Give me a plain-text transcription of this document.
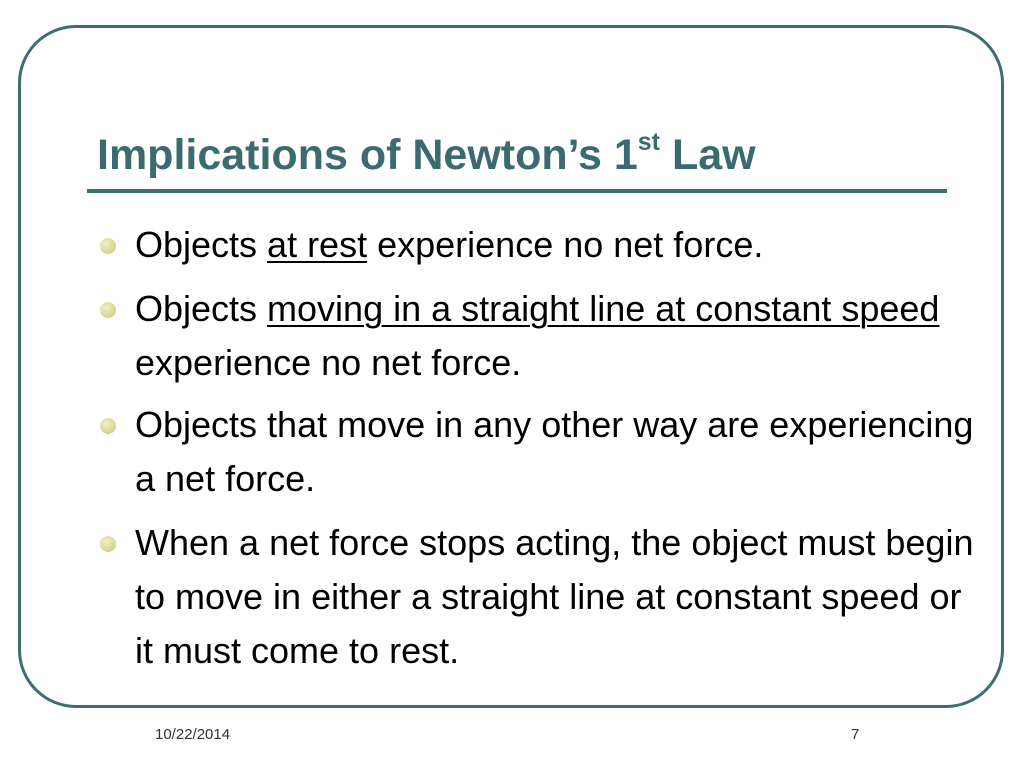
Implications of Newton’s 1st Law
Objects at rest experience no net force.
Objects moving in a straight line at constant speed experience no net force.
Objects that move in any other way are experiencing a net force.
When a net force stops acting, the object must begin to move in either a straight line at constant speed or it must come to rest.
10/22/2014	7
